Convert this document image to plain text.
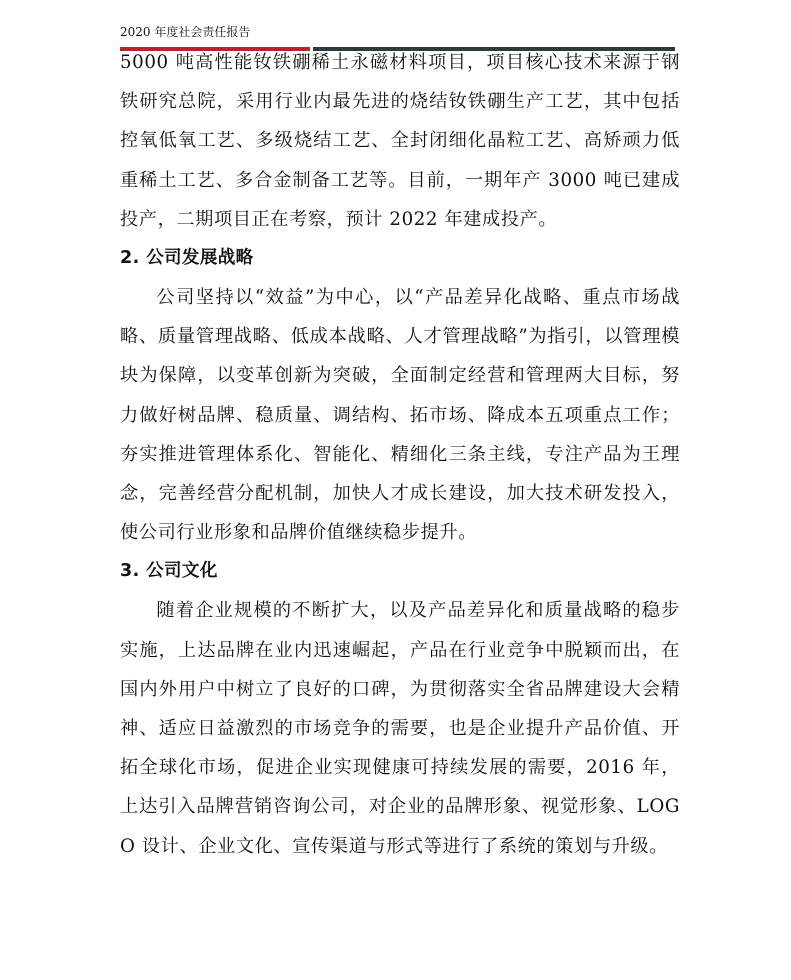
2020 年度社会责任报告

5000 吨高性能钕铁硼稀土永磁材料项目，项目核心技术来源于钢铁研究总院，采用行业内最先进的烧结钕铁硼生产工艺，其中包括控氧低氧工艺、多级烧结工艺、全封闭细化晶粒工艺、高矫顽力低重稀土工艺、多合金制备工艺等。目前，一期年产 3000 吨已建成投产，二期项目正在考察，预计 2022 年建成投产。

2. 公司发展战略

公司坚持以“效益”为中心，以“产品差异化战略、重点市场战略、质量管理战略、低成本战略、人才管理战略”为指引，以管理模块为保障，以变革创新为突破，全面制定经营和管理两大目标，努力做好树品牌、稳质量、调结构、拓市场、降成本五项重点工作；夯实推进管理体系化、智能化、精细化三条主线，专注产品为王理念，完善经营分配机制，加快人才成长建设，加大技术研发投入，使公司行业形象和品牌价值继续稳步提升。

3. 公司文化

随着企业规模的不断扩大，以及产品差异化和质量战略的稳步实施，上达品牌在业内迅速崛起，产品在行业竞争中脱颖而出，在国内外用户中树立了良好的口碑，为贯彻落实全省品牌建设大会精神、适应日益激烈的市场竞争的需要，也是企业提升产品价值、开拓全球化市场，促进企业实现健康可持续发展的需要，2016 年，上达引入品牌营销咨询公司，对企业的品牌形象、视觉形象、LOGO 设计、企业文化、宣传渠道与形式等进行了系统的策划与升级。
